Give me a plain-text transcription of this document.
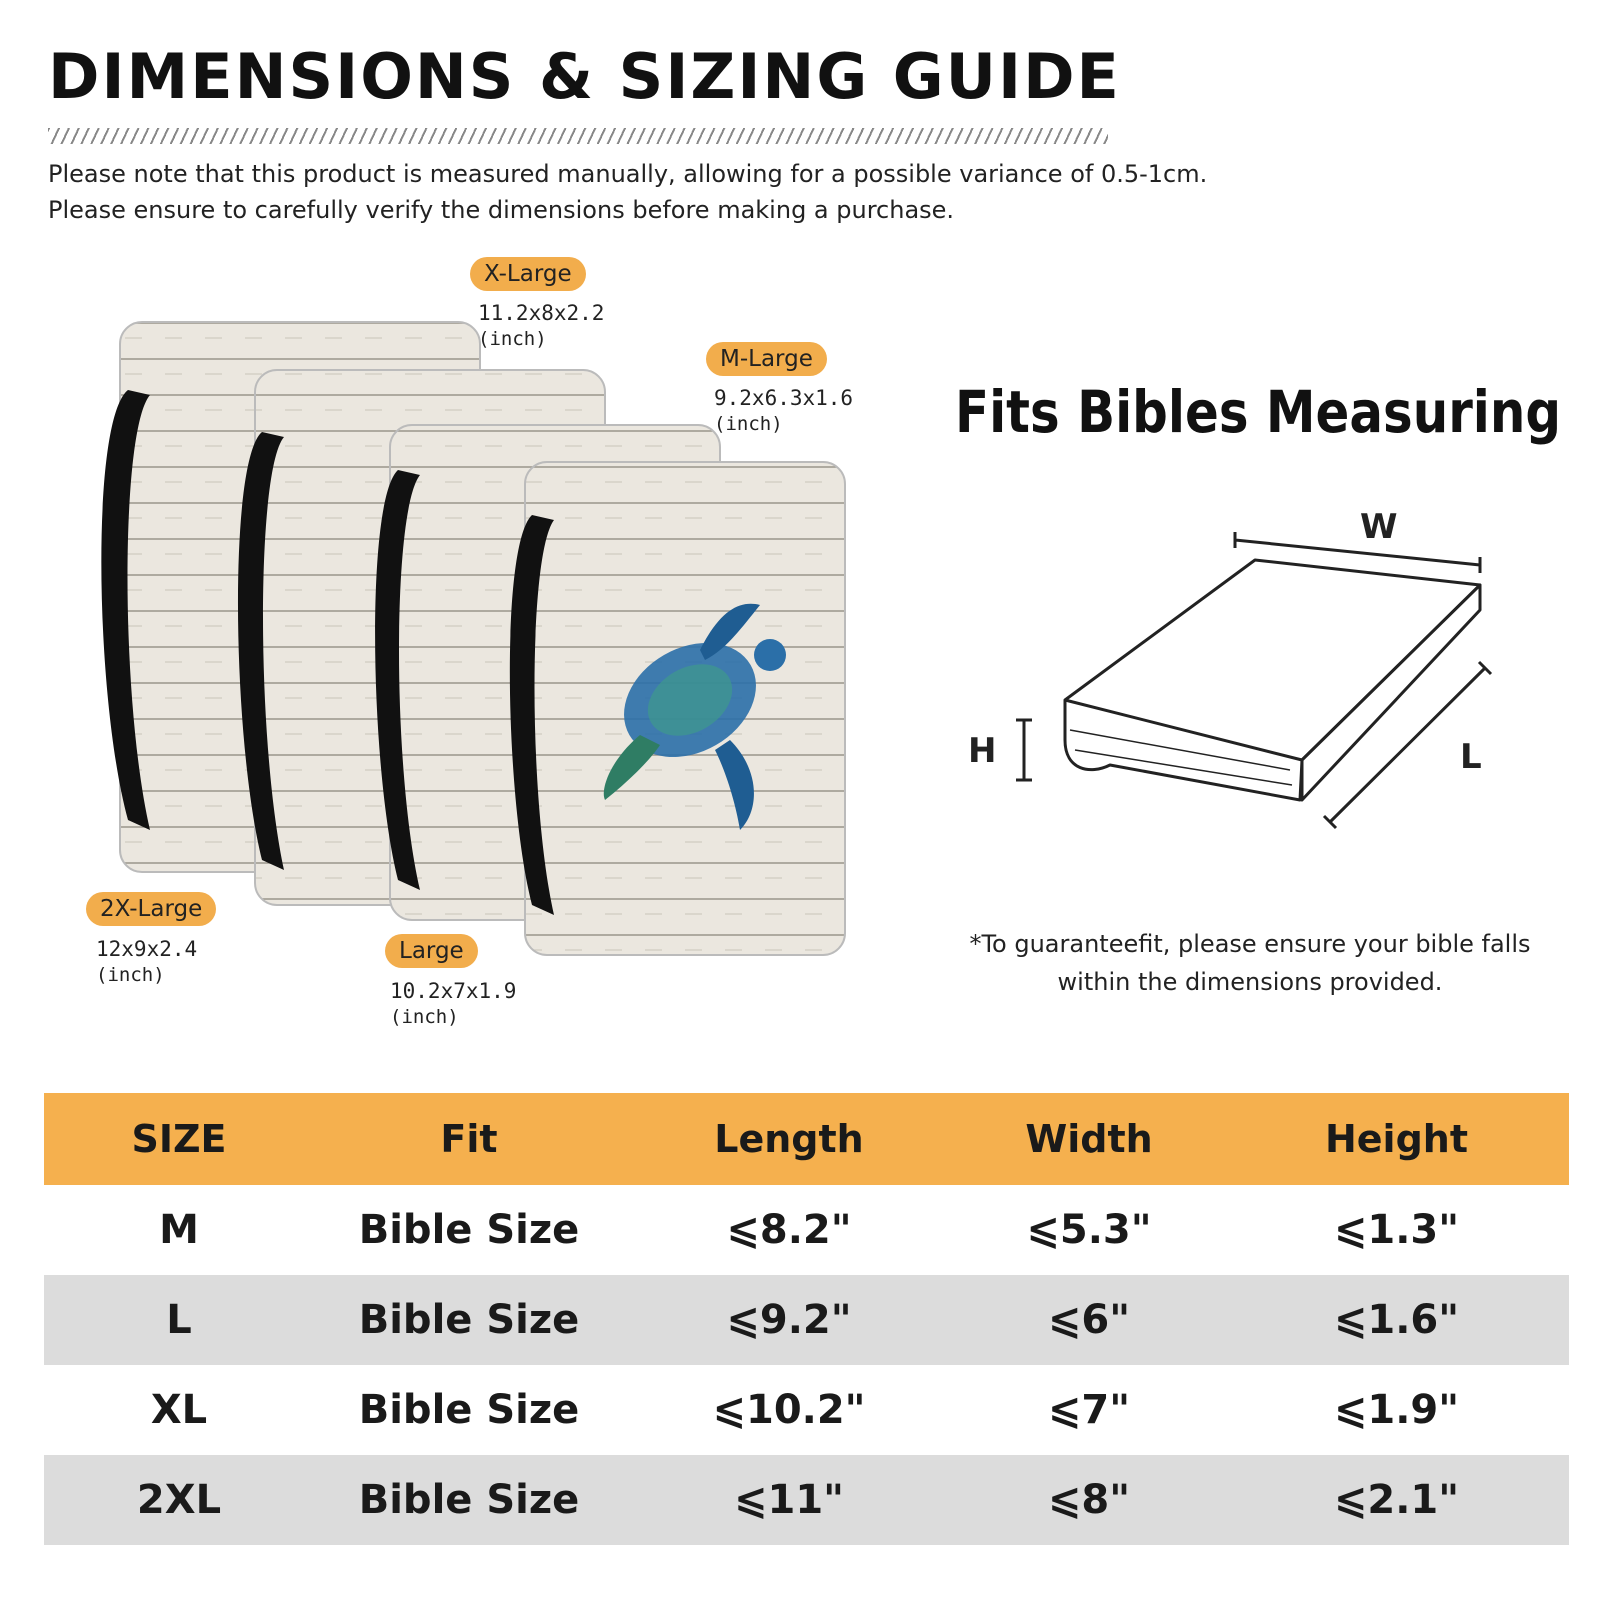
DIMENSIONS & SIZING GUIDE
Please note that this product is measured manually, allowing for a possible variance of 0.5-1cm.
Please ensure to carefully verify the dimensions before making a purchase.
X-Large
11.2x8x2.2
(inch)
M-Large
9.2x6.3x1.6
(inch)
2X-Large
12x9x2.4
(inch)
Large
10.2x7x1.9
(inch)
Fits Bibles Measuring
W
H	L
*To guaranteefit, please ensure your bible falls
within the dimensions provided.
SIZE	Fit	Length	Width	Height
M	Bible Size	⩽8.2"	⩽5.3"	⩽1.3"
L	Bible Size	⩽9.2"	⩽6"	⩽1.6"
XL	Bible Size	⩽10.2"	⩽7"	⩽1.9"
2XL	Bible Size	⩽11"	⩽8"	⩽2.1"
